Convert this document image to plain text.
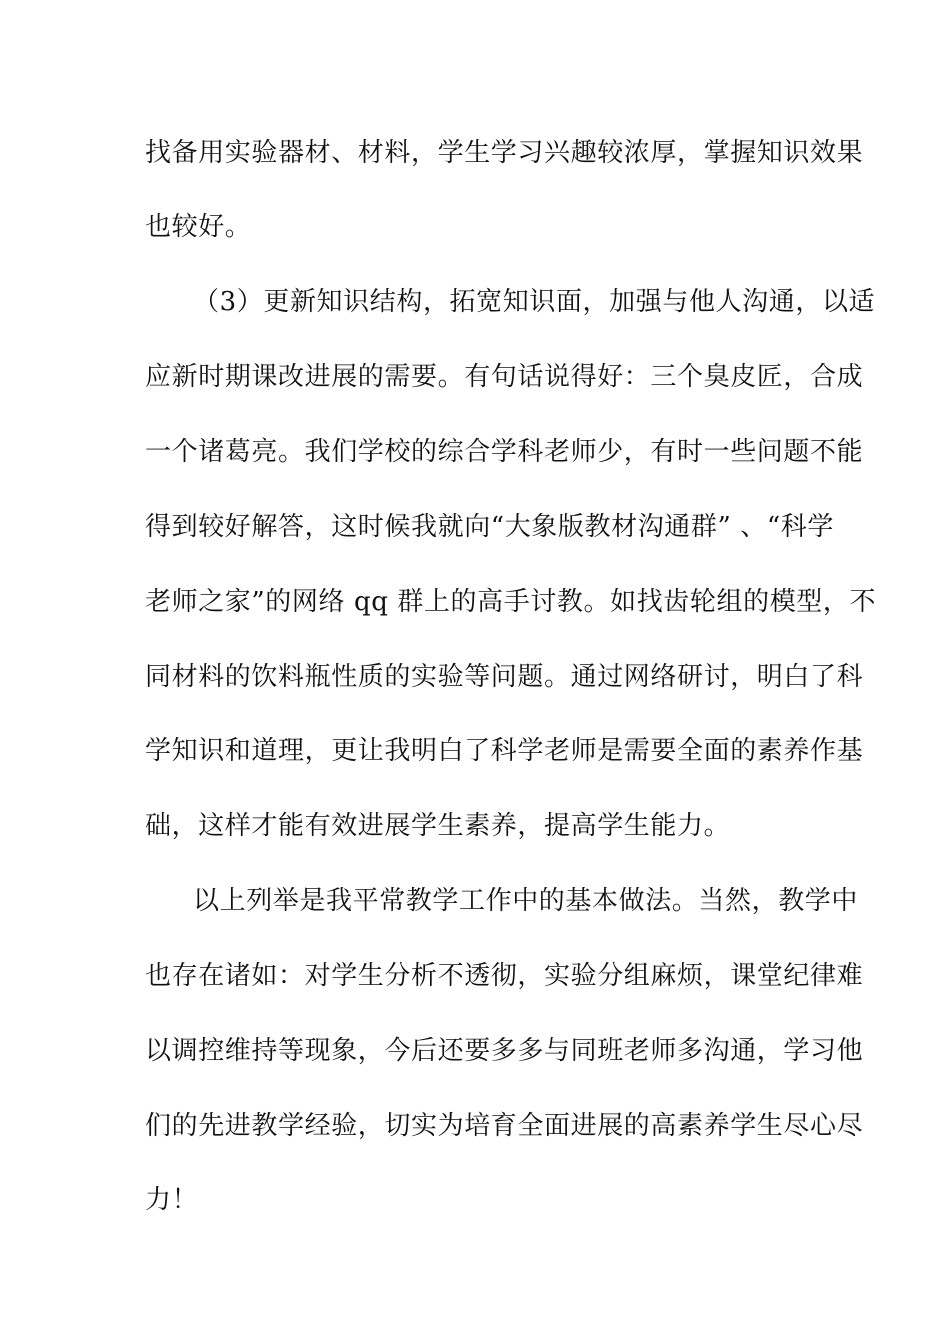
找备用实验器材、材料，学生学习兴趣较浓厚，掌握知识效果

也较好。

（3）更新知识结构，拓宽知识面，加强与他人沟通，以适

应新时期课改进展的需要。有句话说得好：三个臭皮匠，合成

一个诸葛亮。我们学校的综合学科老师少，有时一些问题不能

得到较好解答，这时候我就向“大象版教材沟通群” 、“科学

老师之家”的网络 qq 群上的高手讨教。如找齿轮组的模型，不

同材料的饮料瓶性质的实验等问题。通过网络研讨，明白了科

学知识和道理，更让我明白了科学老师是需要全面的素养作基

础，这样才能有效进展学生素养，提高学生能力。

以上列举是我平常教学工作中的基本做法。当然，教学中

也存在诸如：对学生分析不透彻，实验分组麻烦，课堂纪律难

以调控维持等现象，今后还要多多与同班老师多沟通，学习他

们的先进教学经验，切实为培育全面进展的高素养学生尽心尽

力！
